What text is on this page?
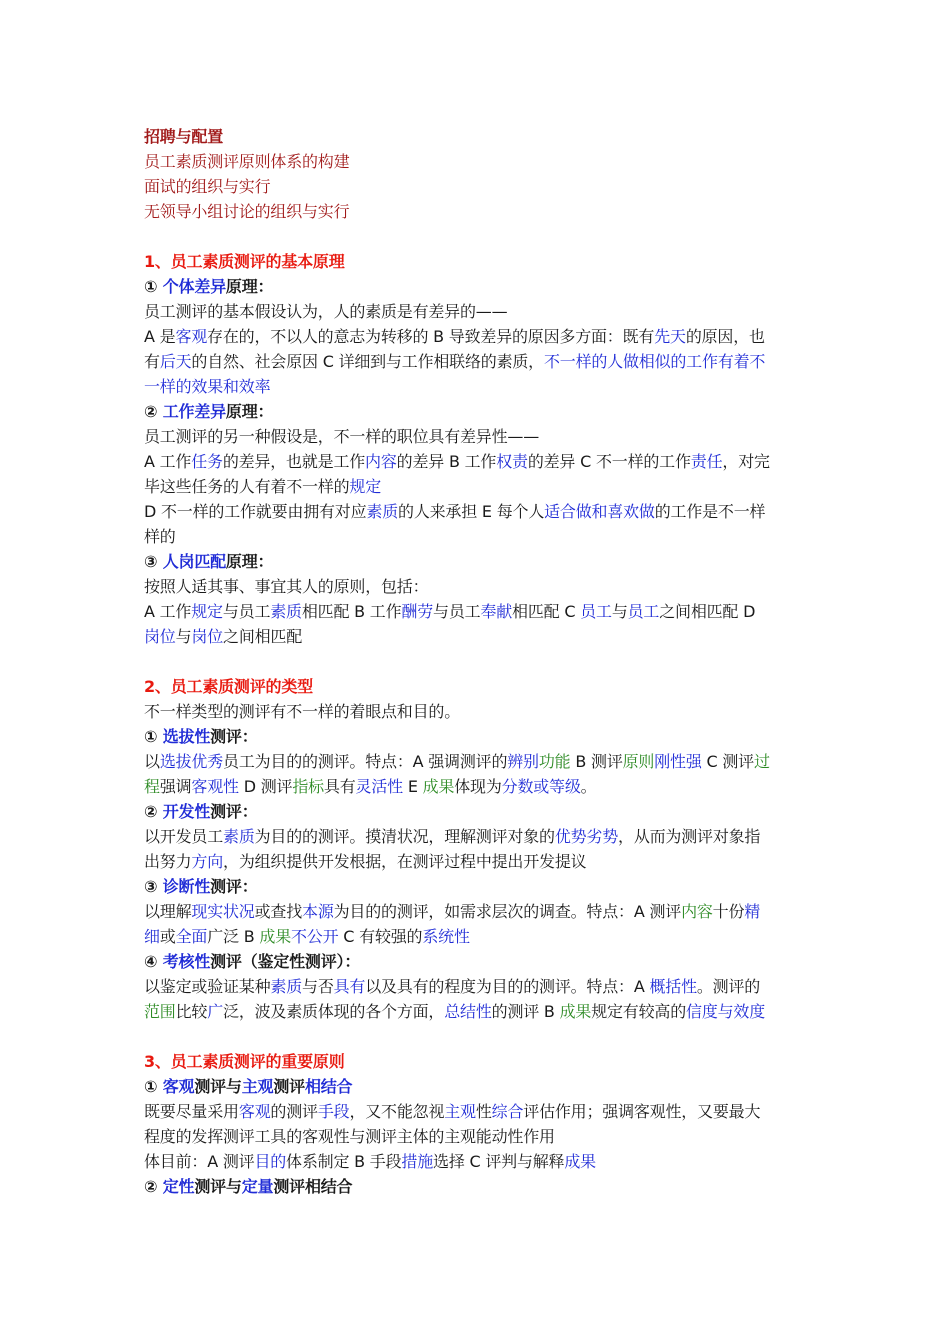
招聘与配置
员工素质测评原则体系的构建
面试的组织与实行
无领导小组讨论的组织与实行
1、员工素质测评的基本原理
① 个体差异原理：
员工测评的基本假设认为，人的素质是有差异的——
A 是客观存在的，不以人的意志为转移的 B 导致差异的原因多方面：既有先天的原因，也
有后天的自然、社会原因 C 详细到与工作相联络的素质，不一样的人做相似的工作有着不
一样的效果和效率
② 工作差异原理：
员工测评的另一种假设是，不一样的职位具有差异性——
A 工作任务的差异，也就是工作内容的差异 B 工作权责的差异 C 不一样的工作责任，对完
毕这些任务的人有着不一样的规定
D 不一样的工作就要由拥有对应素质的人来承担 E 每个人适合做和喜欢做的工作是不一样
样的
③ 人岗匹配原理：
按照人适其事、事宜其人的原则，包括：
A 工作规定与员工素质相匹配 B 工作酬劳与员工奉献相匹配 C 员工与员工之间相匹配 D
岗位与岗位之间相匹配
2、员工素质测评的类型
不一样类型的测评有不一样的着眼点和目的。
① 选拔性测评：
以选拔优秀员工为目的的测评。特点：A 强调测评的辨别功能 B 测评原则刚性强 C 测评过
程强调客观性 D 测评指标具有灵活性 E 成果体现为分数或等级。
② 开发性测评：
以开发员工素质为目的的测评。摸清状况，理解测评对象的优势劣势，从而为测评对象指
出努力方向，为组织提供开发根据，在测评过程中提出开发提议
③ 诊断性测评：
以理解现实状况或查找本源为目的的测评，如需求层次的调查。特点：A 测评内容十份精
细或全面广泛 B 成果不公开 C 有较强的系统性
④ 考核性测评（鉴定性测评）：
以鉴定或验证某种素质与否具有以及具有的程度为目的的测评。特点：A 概括性。测评的
范围比较广泛，波及素质体现的各个方面，总结性的测评 B 成果规定有较高的信度与效度
3、员工素质测评的重要原则
① 客观测评与主观测评相结合
既要尽量采用客观的测评手段，又不能忽视主观性综合评估作用；强调客观性，又要最大
程度的发挥测评工具的客观性与测评主体的主观能动性作用
体目前：A 测评目的体系制定 B 手段措施选择 C 评判与解释成果
② 定性测评与定量测评相结合
